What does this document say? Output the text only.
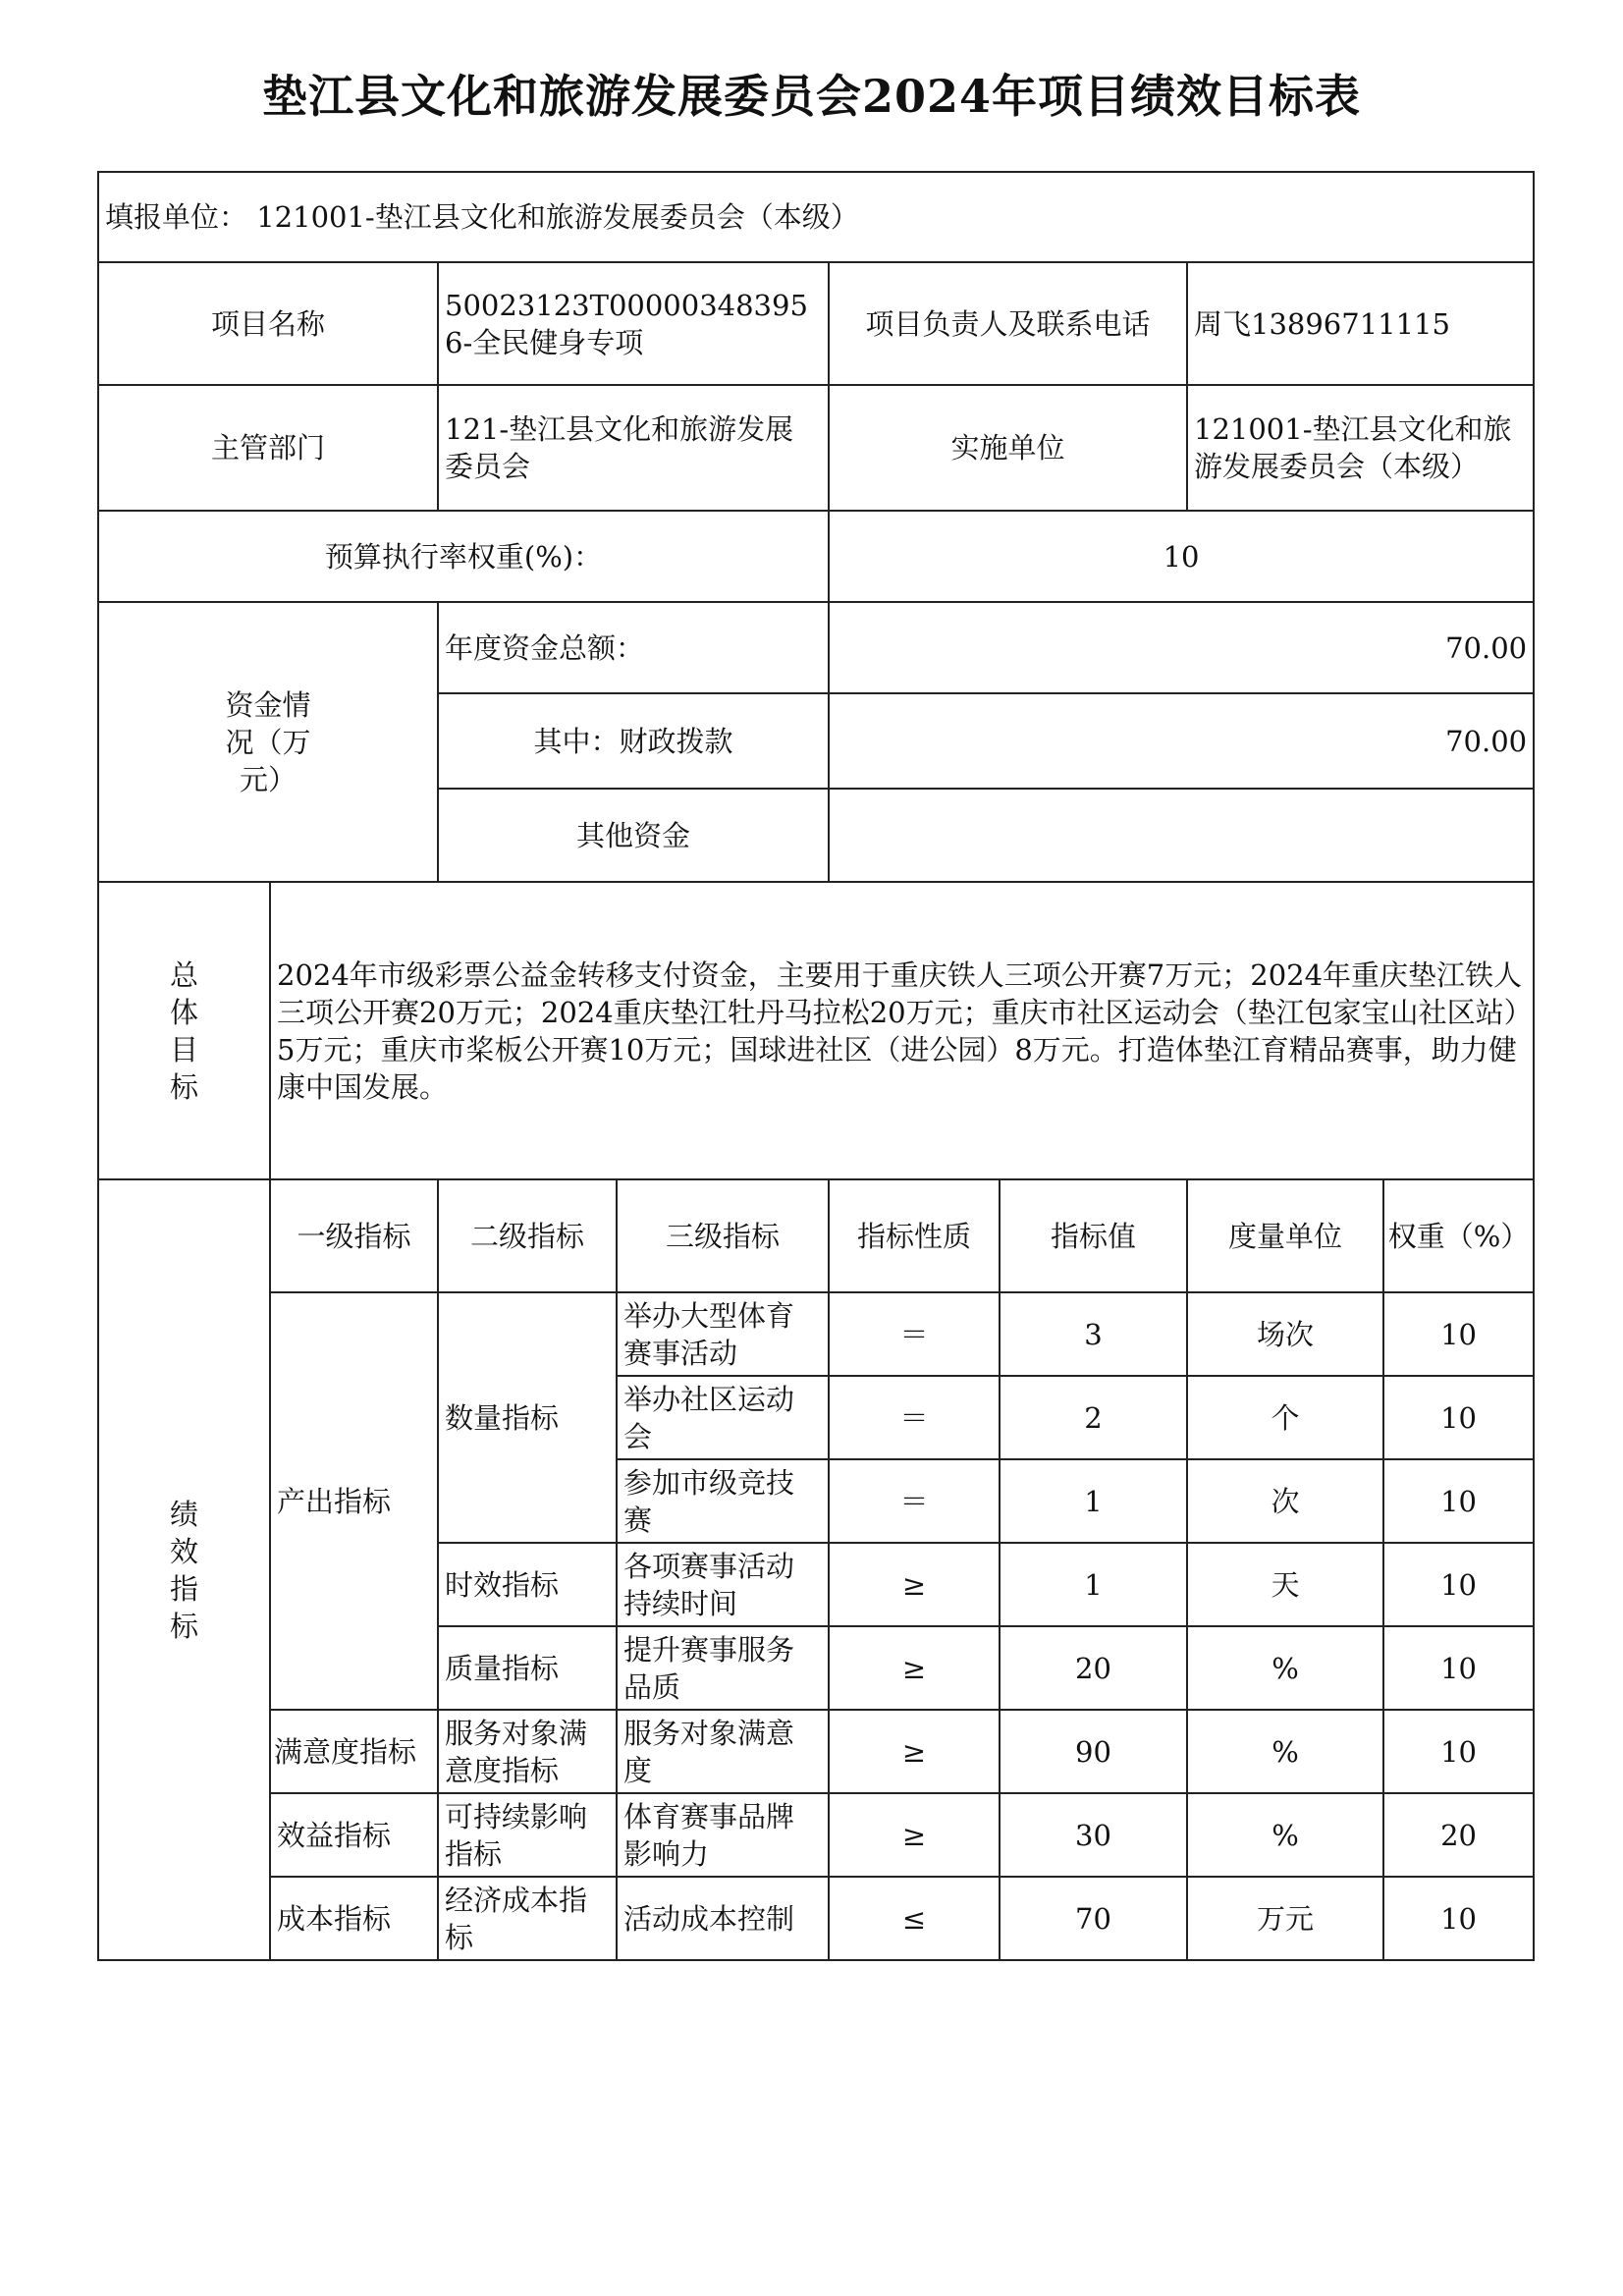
垫江县文化和旅游发展委员会2024年项目绩效目标表
填报单位： 121001-垫江县文化和旅游发展委员会（本级）							
项目名称		50023123T000003483956-全民健身专项		项目负责人及联系电话		周飞13896711115	
主管部门		121-垫江县文化和旅游发展委员会		实施单位		121001-垫江县文化和旅游发展委员会（本级）	
预算执行率权重(%)：				10			
资金情况（万元）		年度资金总额：		70.00			
		其中：财政拨款		70.00			
		其他资金					
总体目标	2024年市级彩票公益金转移支付资金，主要用于重庆铁人三项公开赛7万元；2024年重庆垫江铁人三项公开赛20万元；2024重庆垫江牡丹马拉松20万元；重庆市社区运动会（垫江包家宝山社区站）5万元；重庆市桨板公开赛10万元；国球进社区（进公园）8万元。打造体垫江育精品赛事，助力健康中国发展。						
绩效指标	一级指标	二级指标	三级指标	指标性质	指标值	度量单位	权重（%）
	产出指标	数量指标	举办大型体育赛事活动	＝	3	场次	10
			举办社区运动会	＝	2	个	10
			参加市级竞技赛	＝	1	次	10
		时效指标	各项赛事活动持续时间	≥	1	天	10
		质量指标	提升赛事服务品质	≥	20	%	10
	满意度指标	服务对象满意度指标	服务对象满意度	≥	90	%	10
	效益指标	可持续影响指标	体育赛事品牌影响力	≥	30	%	20
	成本指标	经济成本指标	活动成本控制	≤	70	万元	10
